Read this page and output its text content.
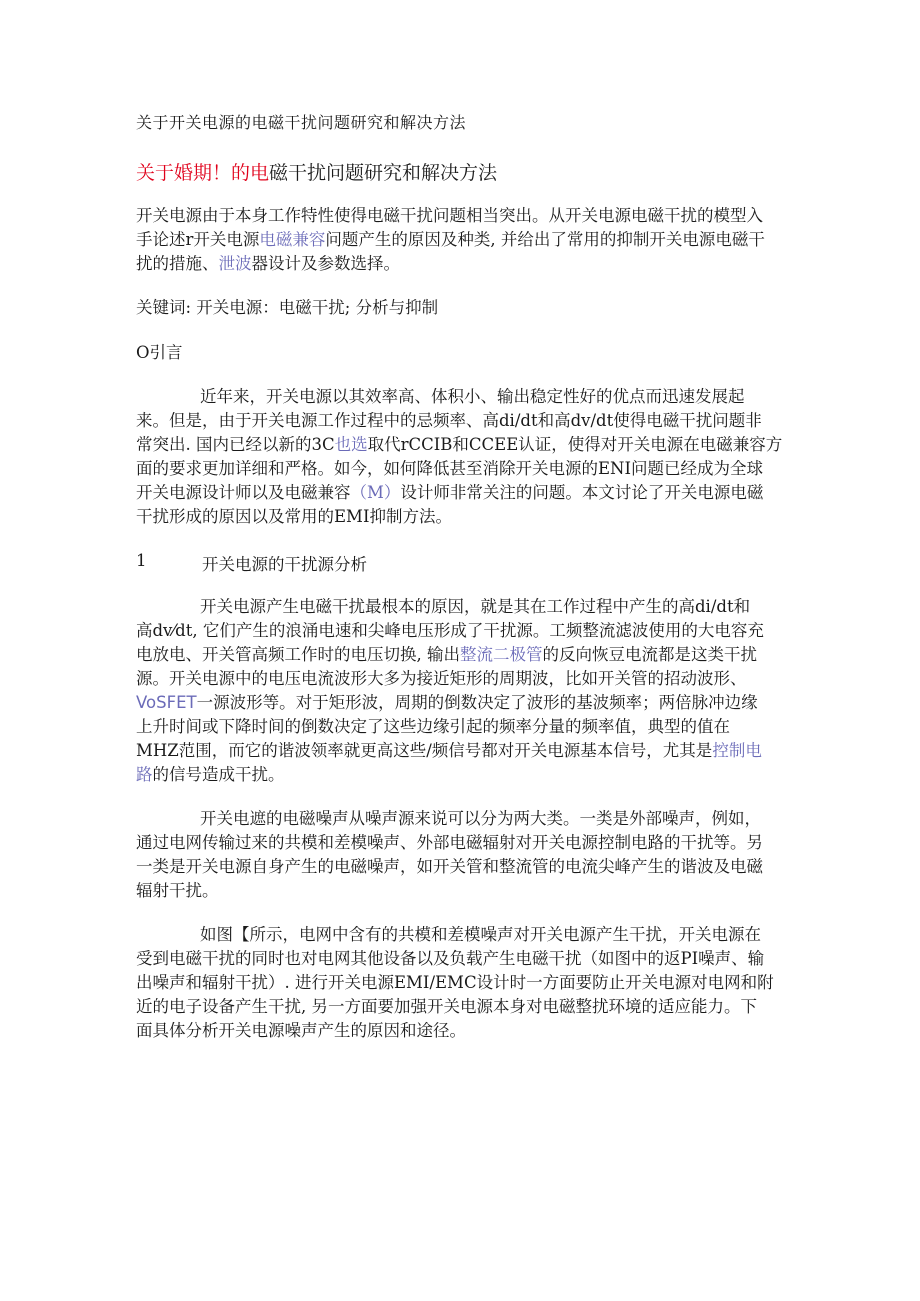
关于开关电源的电磁干扰问题研究和解决方法
关于婚期！的电磁干扰问题研究和解决方法
开关电源由于本身工作特性使得电磁干扰问题相当突出。从开关电源电磁干扰的模型入
手论述r开关电源电磁兼容问题产生的原因及种类, 并给出了常用的抑制开关电源电磁干
扰的措施、泄波器设计及参数选择。
关键词: 开关电源：电磁干扰; 分析与抑制
O引言
近年来，开关电源以其效率高、体积小、输出稳定性好的优点而迅速发展起
来。但是，由于开关电源工作过程中的忌频率、高di/dt和高dv/dt使得电磁干扰问题非
常突出. 国内已经以新的3C也选取代rCCIB和CCEE认证，使得对开关电源在电磁兼容方
面的要求更加详细和严格。如今，如何降低甚至消除开关电源的ENI问题已经成为全球
开关电源设计师以及电磁兼容（M）设计师非常关注的问题。本文讨论了开关电源电磁
干扰形成的原因以及常用的EMI抑制方法。
1	开关电源的干扰源分析
开关电源产生电磁干扰最根本的原因，就是其在工作过程中产生的高di/dt和
高dv⁄dt, 它们产生的浪涌电速和尖峰电压形成了干扰源。工频整流滤波使用的大电容充
电放电、开关管高频工作时的电压切换, 输出整流二极管的反向恢豆电流都是这类干扰
源。开关电源中的电压电流波形大多为接近矩形的周期波，比如开关管的招动波形、
VoSFET一源波形等。对于矩形波，周期的倒数决定了波形的基波频率；两倍脉冲边缘
上升时间或下降时间的倒数决定了这些边缘引起的频率分量的频率值，典型的值在
MHZ范围，而它的谐波领率就更高这些/频信号都对开关电源基本信号，尤其是控制电
路的信号造成干扰。
开关电遮的电磁噪声从噪声源来说可以分为两大类。一类是外部噪声，例如，
通过电网传输过来的共模和差模噪声、外部电磁辐射对开关电源控制电路的干扰等。另
一类是开关电源自身产生的电磁噪声，如开关管和整流管的电流尖峰产生的谐波及电磁
辐射干扰。
如图【所示，电网中含有的共模和差模噪声对开关电源产生干扰，开关电源在
受到电磁干扰的同时也对电网其他设备以及负载产生电磁干扰（如图中的返PI噪声、输
出噪声和辐射干扰）. 进行开关电源EMI/EMC设计时一方面要防止开关电源对电网和附
近的电子设备产生干扰, 另一方面要加强开关电源本身对电磁整扰环境的适应能力。下
面具体分析开关电源噪声产生的原因和途径。
